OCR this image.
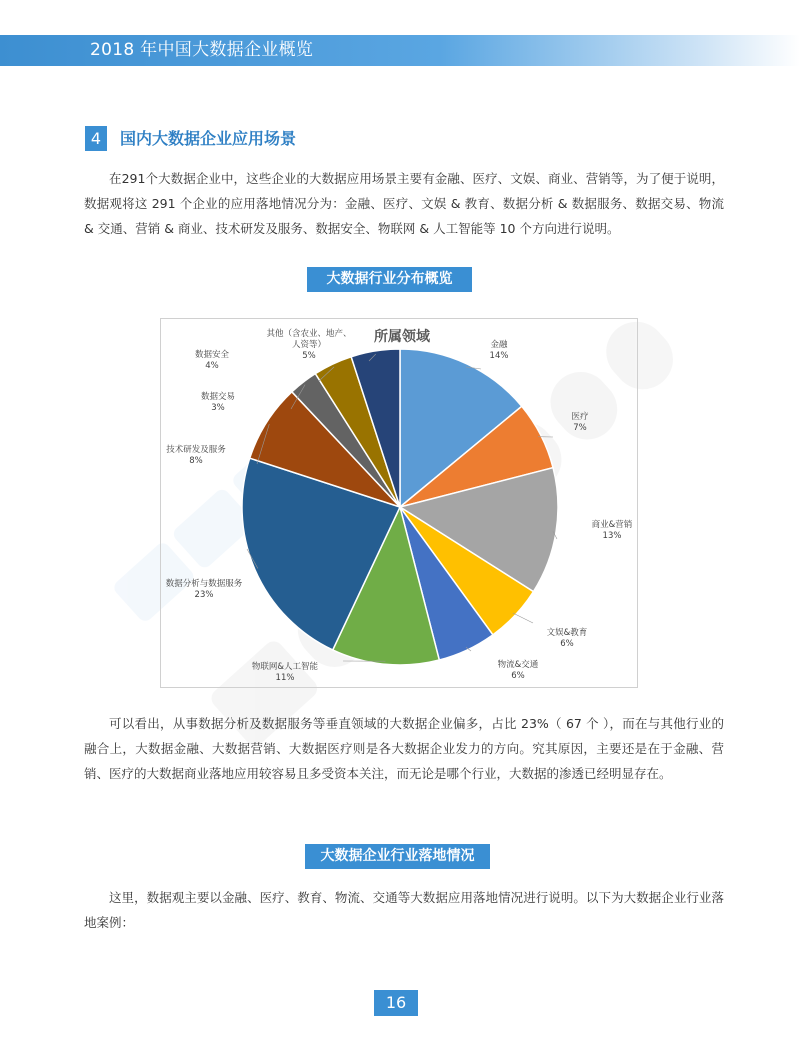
2018 年中国大数据企业概览
4	国内大数据企业应用场景

在291个大数据企业中，这些企业的大数据应用场景主要有金融、医疗、文娱、商业、营销等，为了便于说明，数据观将这 291 个企业的应用落地情况分为：金融、医疗、文娱 & 教育、数据分析 & 数据服务、数据交易、物流 & 交通、营销 & 商业、技术研发及服务、数据安全、物联网 & 人工智能等 10 个方向进行说明。

大数据行业分布概览
所属领域	金融 14%
医疗 7%
商业&营销 13%
文娱&教育 6%
物流&交通 6%
物联网&人工智能 11%
数据分析与数据服务 23%
技术研发及服务 8%
数据交易 3%
数据安全 4%
其他（含农业、地产、人资等） 5%

可以看出，从事数据分析及数据服务等垂直领域的大数据企业偏多，占比 23%（ 67 个 ），而在与其他行业的融合上，大数据金融、大数据营销、大数据医疗则是各大数据企业发力的方向。究其原因，主要还是在于金融、营销、医疗的大数据商业落地应用较容易且多受资本关注，而无论是哪个行业，大数据的渗透已经明显存在。

大数据企业行业落地情况

这里，数据观主要以金融、医疗、教育、物流、交通等大数据应用落地情况进行说明。以下为大数据企业行业落地案例：

16
